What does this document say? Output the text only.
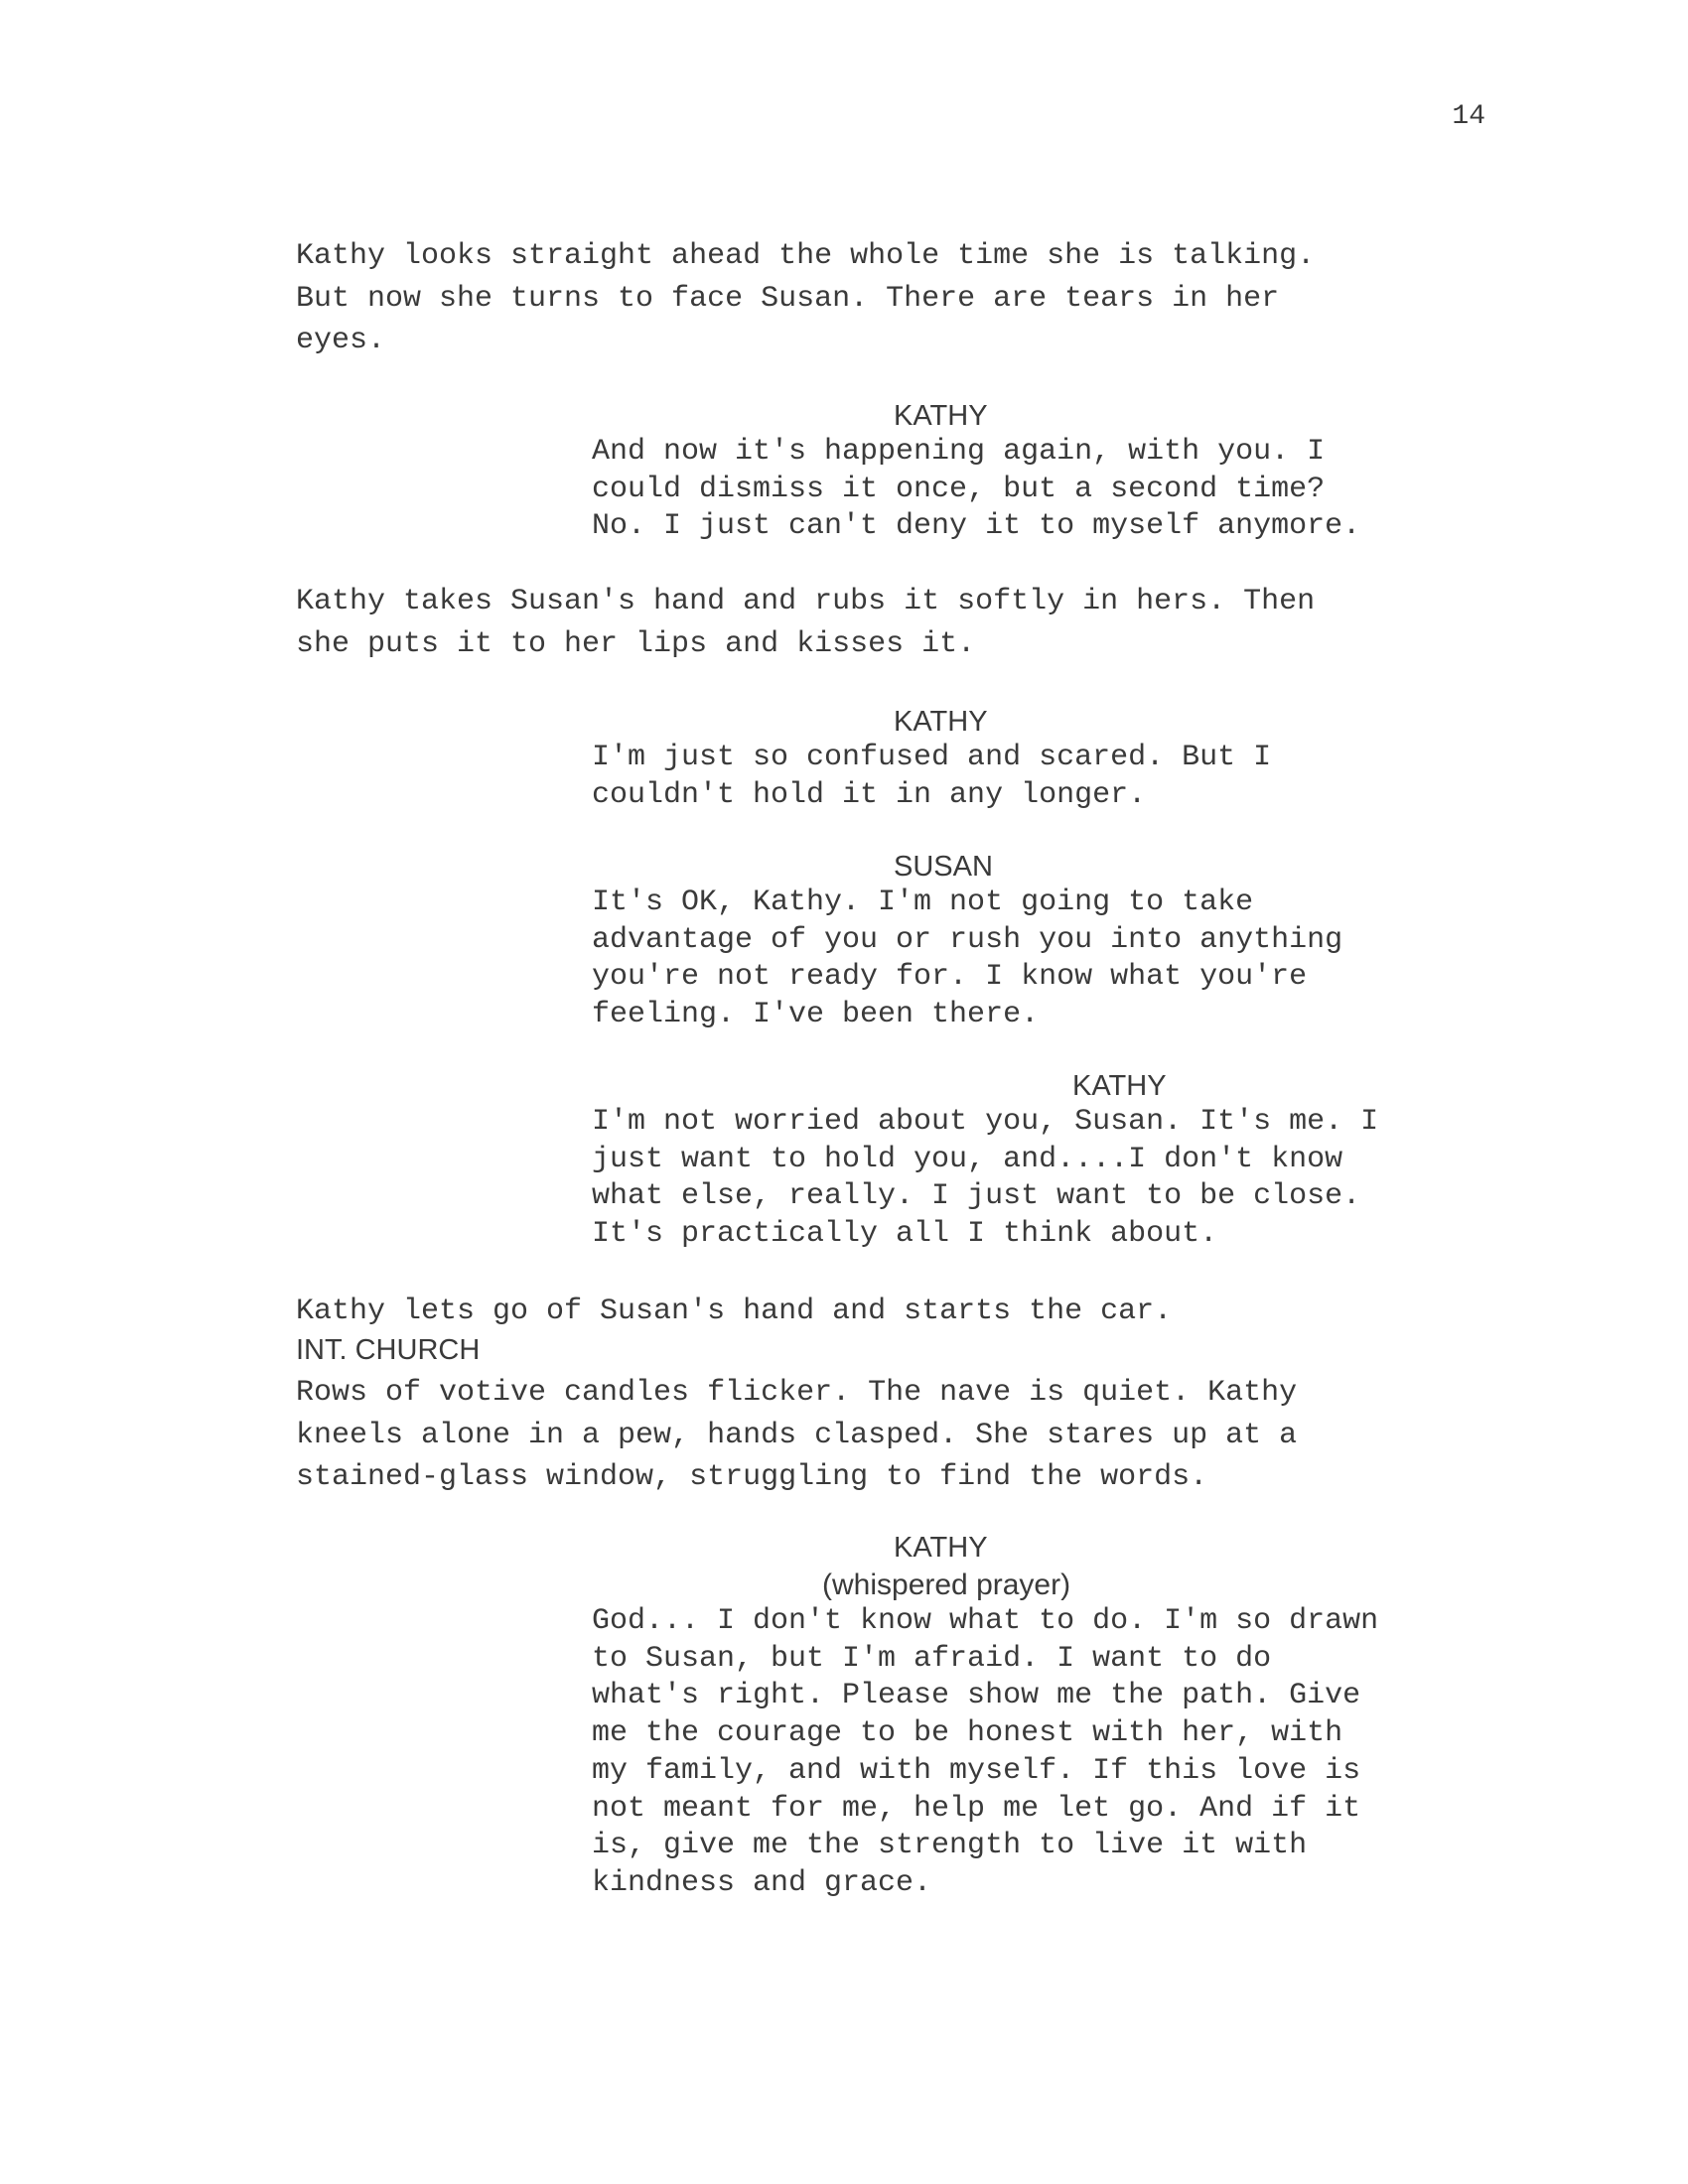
14

Kathy looks straight ahead the whole time she is talking.
But now she turns to face Susan. There are tears in her
eyes.

KATHY

And now it's happening again, with you. I
could dismiss it once, but a second time?
No. I just can't deny it to myself anymore.

Kathy takes Susan's hand and rubs it softly in hers. Then
she puts it to her lips and kisses it.

KATHY

I'm just so confused and scared. But I
couldn't hold it in any longer.

SUSAN

It's OK, Kathy. I'm not going to take
advantage of you or rush you into anything
you're not ready for. I know what you're
feeling. I've been there.

KATHY

I'm not worried about you, Susan. It's me. I
just want to hold you, and....I don't know
what else, really. I just want to be close.
It's practically all I think about.

Kathy lets go of Susan's hand and starts the car.

INT. CHURCH

Rows of votive candles flicker. The nave is quiet. Kathy
kneels alone in a pew, hands clasped. She stares up at a
stained-glass window, struggling to find the words.

KATHY

(whispered prayer)

God... I don't know what to do. I'm so drawn
to Susan, but I'm afraid. I want to do
what's right. Please show me the path. Give
me the courage to be honest with her, with
my family, and with myself. If this love is
not meant for me, help me let go. And if it
is, give me the strength to live it with
kindness and grace.
